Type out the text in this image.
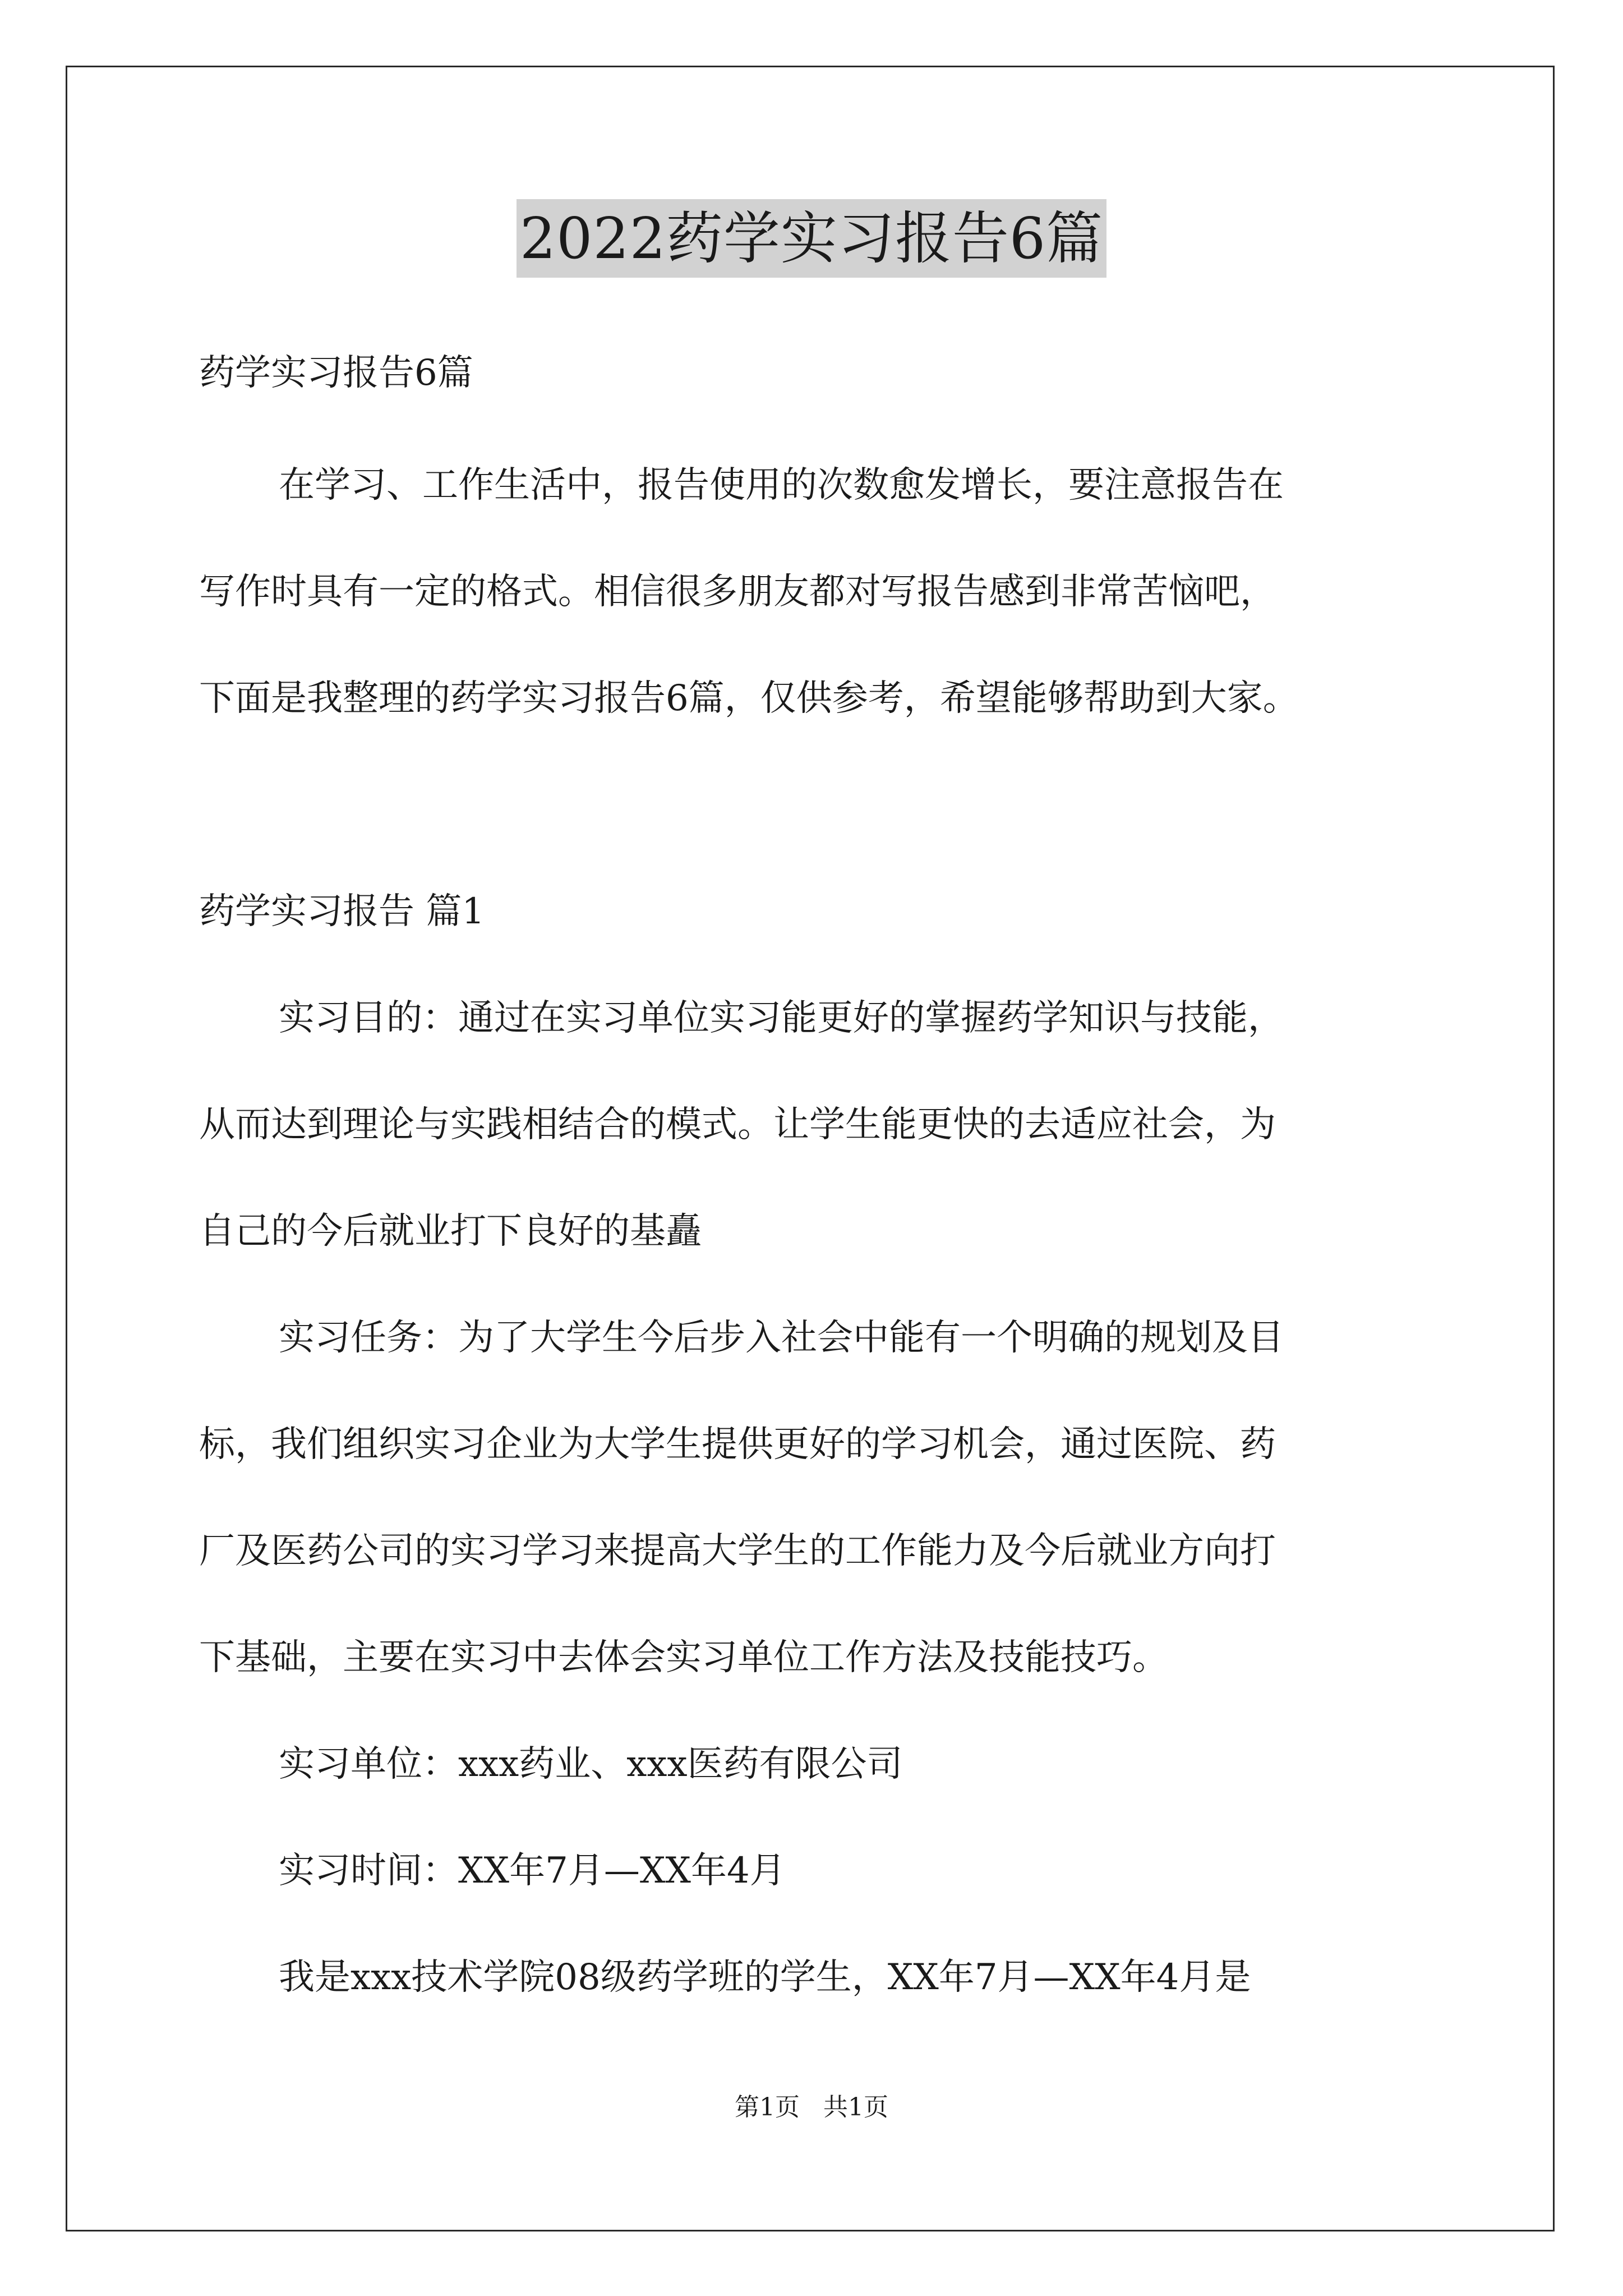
2022药学实习报告6篇

药学实习报告6篇

在学习、工作生活中，报告使用的次数愈发增长，要注意报告在

写作时具有一定的格式。相信很多朋友都对写报告感到非常苦恼吧，

下面是我整理的药学实习报告6篇，仅供参考，希望能够帮助到大家。

药学实习报告 篇1

实习目的：通过在实习单位实习能更好的掌握药学知识与技能，

从而达到理论与实践相结合的模式。让学生能更快的去适应社会，为

自己的今后就业打下良好的基矗

实习任务：为了大学生今后步入社会中能有一个明确的规划及目

标，我们组织实习企业为大学生提供更好的学习机会，通过医院、药

厂及医药公司的实习学习来提高大学生的工作能力及今后就业方向打

下基础，主要在实习中去体会实习单位工作方法及技能技巧。

实习单位：xxx药业、xxx医药有限公司

实习时间：XX年7月—XX年4月

我是xxx技术学院08级药学班的学生，XX年7月—XX年4月是

第1页   共1页
